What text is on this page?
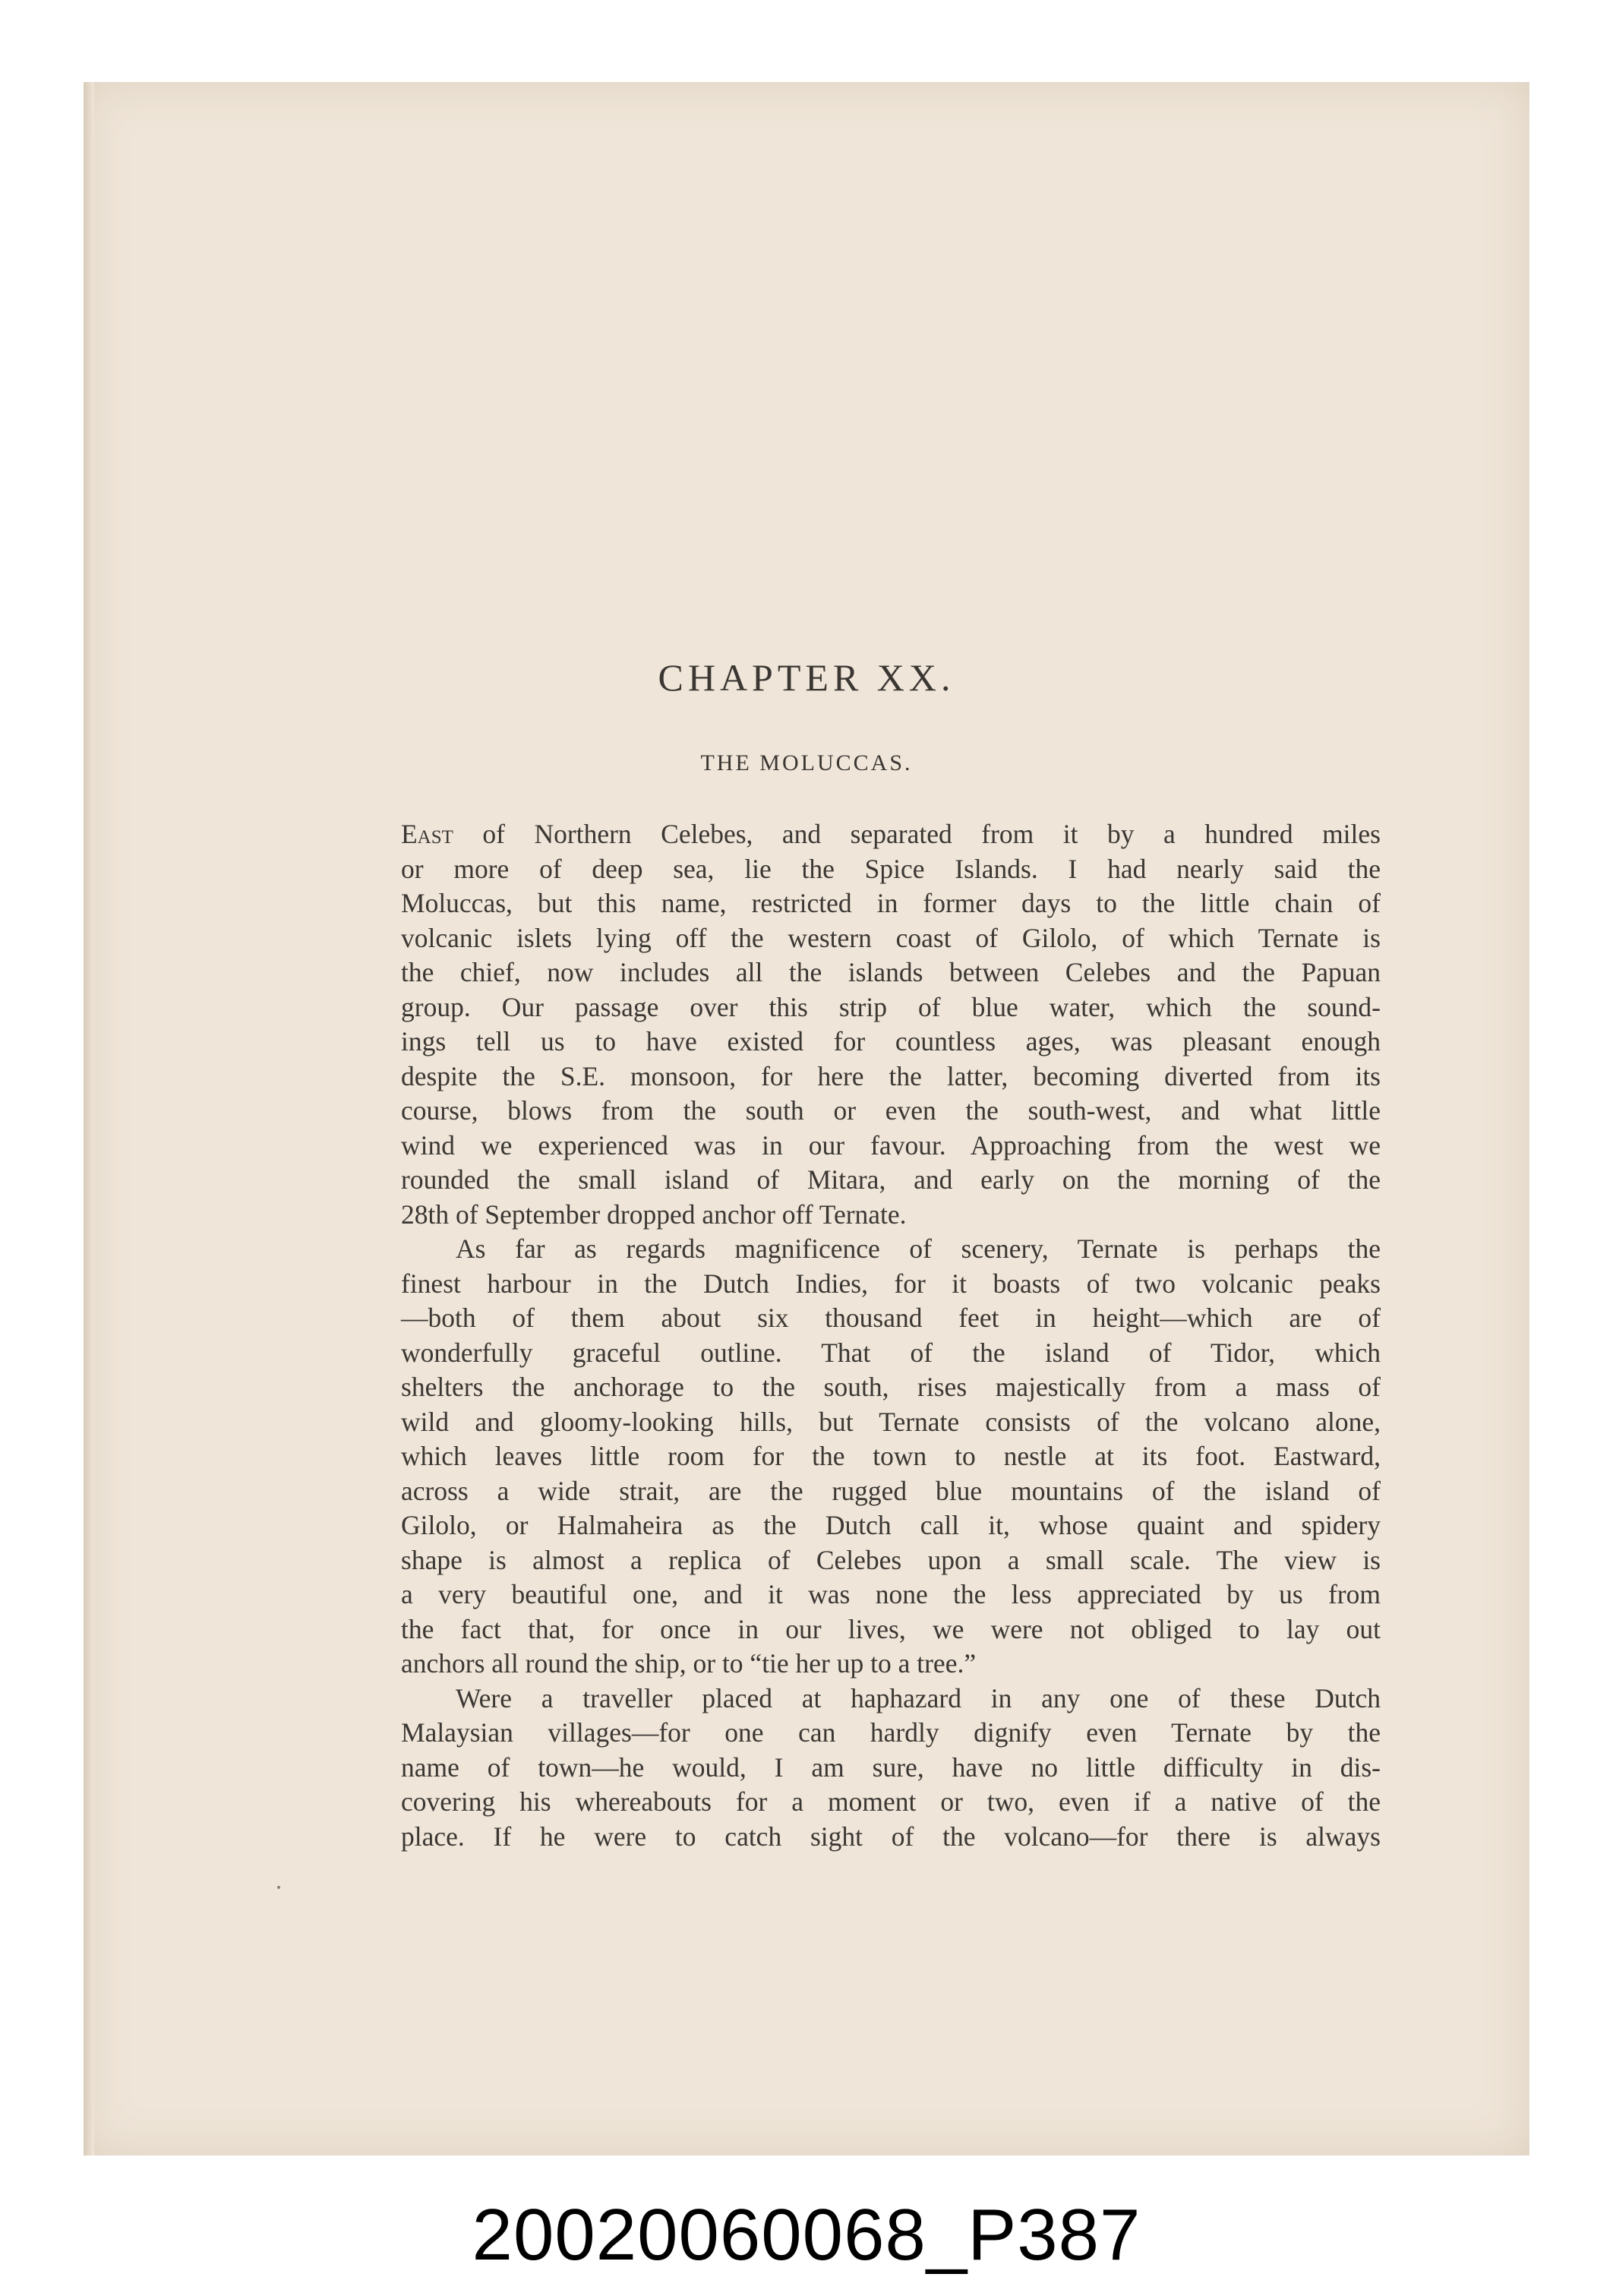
CHAPTER XX.
THE MOLUCCAS.
East of Northern Celebes, and separated from it by a hundred miles
or more of deep sea, lie the Spice Islands. I had nearly said the
Moluccas, but this name, restricted in former days to the little chain of
volcanic islets lying off the western coast of Gilolo, of which Ternate is
the chief, now includes all the islands between Celebes and the Papuan
group. Our passage over this strip of blue water, which the sound-
ings tell us to have existed for countless ages, was pleasant enough
despite the S.E. monsoon, for here the latter, becoming diverted from its
course, blows from the south or even the south-west, and what little
wind we experienced was in our favour. Approaching from the west we
rounded the small island of Mitara, and early on the morning of the
28th of September dropped anchor off Ternate.
As far as regards magnificence of scenery, Ternate is perhaps the
finest harbour in the Dutch Indies, for it boasts of two volcanic peaks
—both of them about six thousand feet in height—which are of
wonderfully graceful outline. That of the island of Tidor, which
shelters the anchorage to the south, rises majestically from a mass of
wild and gloomy-looking hills, but Ternate consists of the volcano alone,
which leaves little room for the town to nestle at its foot. Eastward,
across a wide strait, are the rugged blue mountains of the island of
Gilolo, or Halmaheira as the Dutch call it, whose quaint and spidery
shape is almost a replica of Celebes upon a small scale. The view is
a very beautiful one, and it was none the less appreciated by us from
the fact that, for once in our lives, we were not obliged to lay out
anchors all round the ship, or to “tie her up to a tree.”
Were a traveller placed at haphazard in any one of these Dutch
Malaysian villages—for one can hardly dignify even Ternate by the
name of town—he would, I am sure, have no little difficulty in dis-
covering his whereabouts for a moment or two, even if a native of the
place. If he were to catch sight of the volcano—for there is always
20020060068_P387
